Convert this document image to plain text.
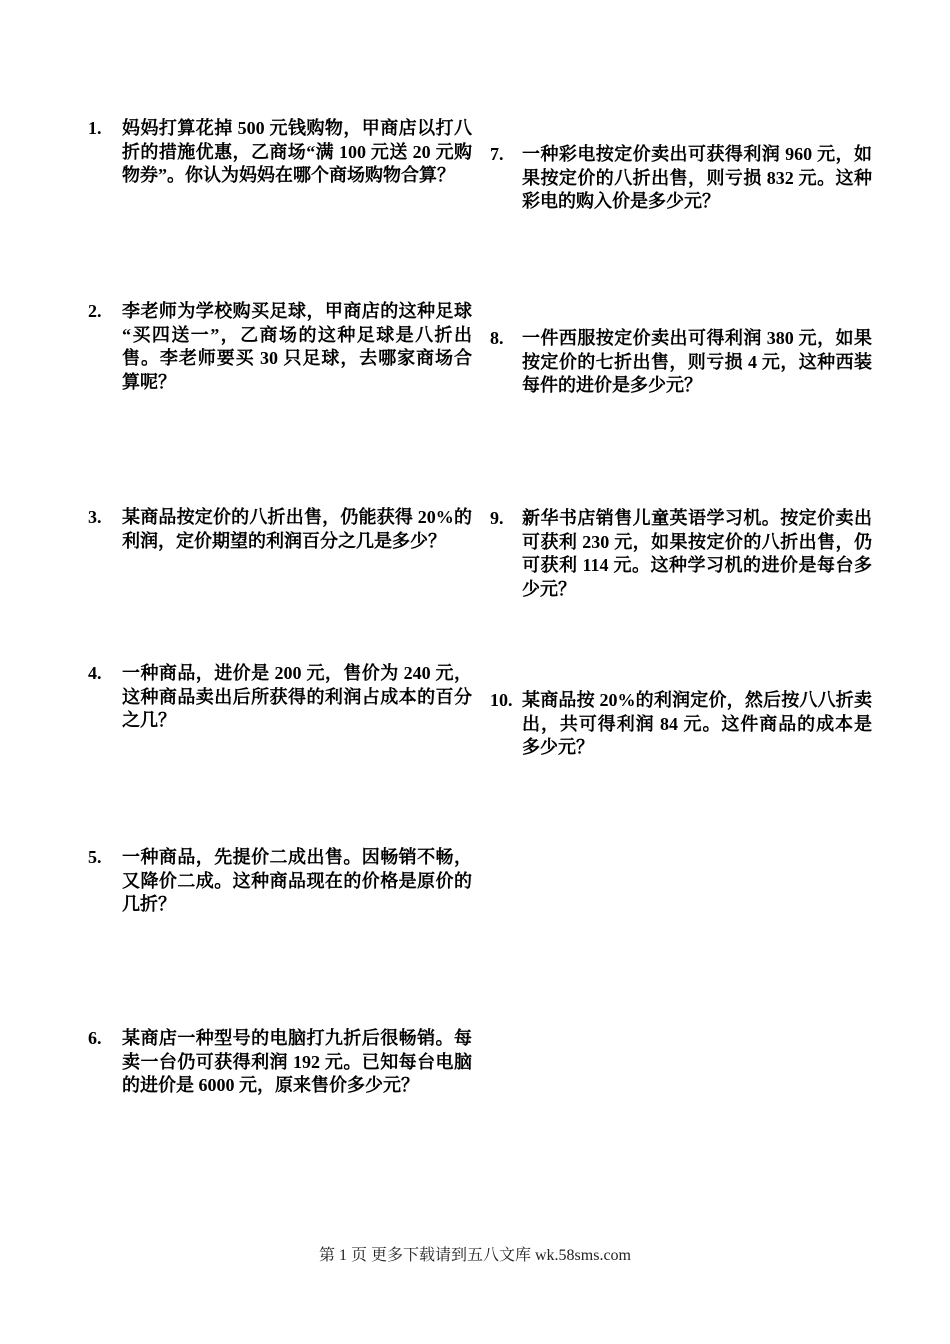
1. 妈妈打算花掉 500 元钱购物，甲商店以打八折的措施优惠，乙商场“满 100 元送 20 元购物券”。你认为妈妈在哪个商场购物合算？
2. 李老师为学校购买足球，甲商店的这种足球“买四送一”，乙商场的这种足球是八折出售。李老师要买 30 只足球，去哪家商场合算呢？
3. 某商品按定价的八折出售，仍能获得 20%的利润，定价期望的利润百分之几是多少？
4. 一种商品，进价是 200 元，售价为 240 元，这种商品卖出后所获得的利润占成本的百分之几？
5. 一种商品，先提价二成出售。因畅销不畅，又降价二成。这种商品现在的价格是原价的几折？
6. 某商店一种型号的电脑打九折后很畅销。每卖一台仍可获得利润 192 元。已知每台电脑的进价是 6000 元，原来售价多少元？
7. 一种彩电按定价卖出可获得利润 960 元，如果按定价的八折出售，则亏损 832 元。这种彩电的购入价是多少元？
8. 一件西服按定价卖出可得利润 380 元，如果按定价的七折出售，则亏损 4 元，这种西装每件的进价是多少元？
9. 新华书店销售儿童英语学习机。按定价卖出可获利 230 元，如果按定价的八折出售，仍可获利 114 元。这种学习机的进价是每台多少元？
10. 某商品按 20%的利润定价，然后按八八折卖出，共可得利润 84 元。这件商品的成本是多少元？
第 1 页 更多下载请到五八文库 wk.58sms.com
